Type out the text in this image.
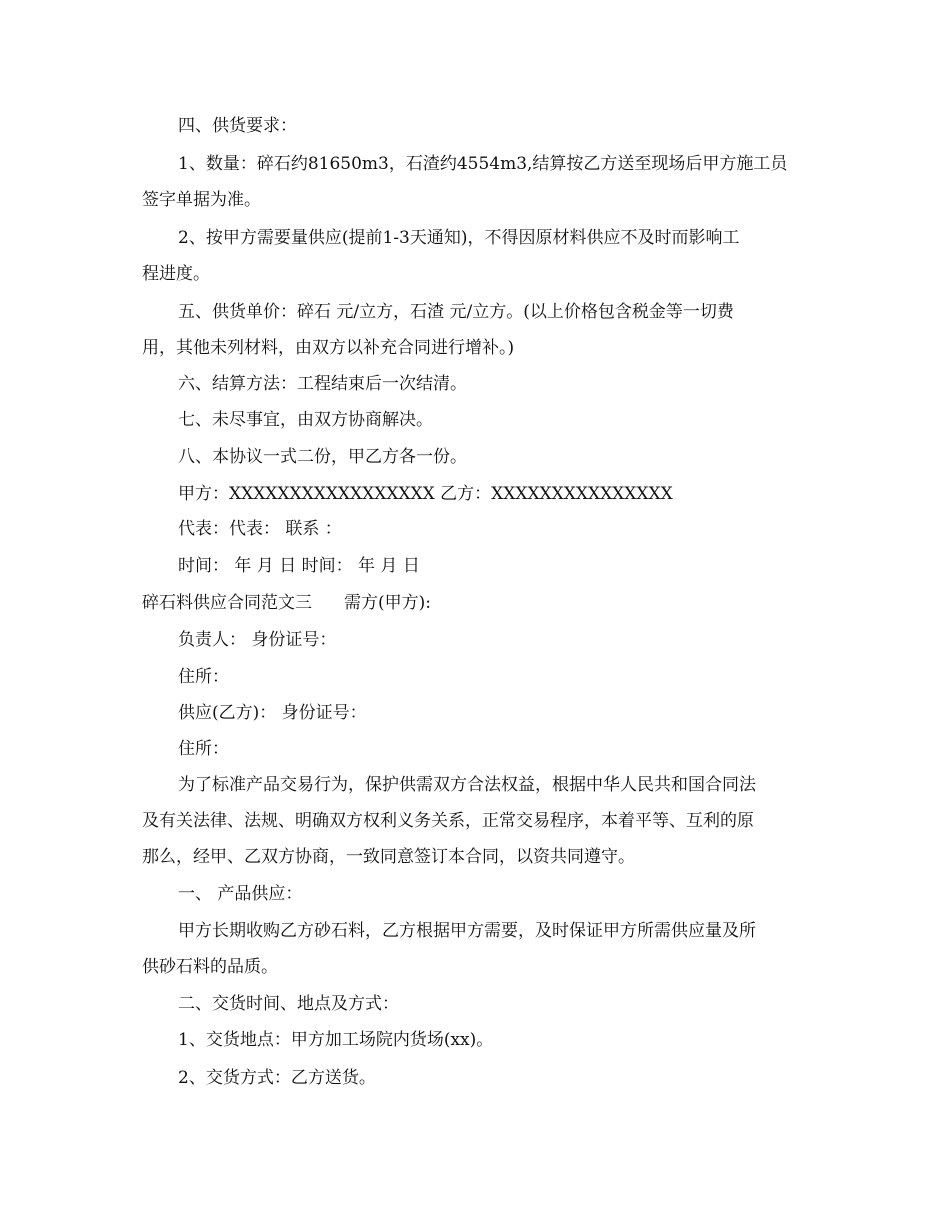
四、供货要求：
1、数量：碎石约81650m3，石渣约4554m3,结算按乙方送至现场后甲方施工员
签字单据为准。
2、按甲方需要量供应(提前1-3天通知)，不得因原材料供应不及时而影响工
程进度。
五、供货单价：碎石 元/立方，石渣 元/立方。(以上价格包含税金等一切费
用，其他未列材料，由双方以补充合同进行增补。)
六、结算方法：工程结束后一次结清。
七、未尽事宜，由双方协商解决。
八、本协议一式二份，甲乙方各一份。
甲方：XXXXXXXXXXXXXXXXX 乙方：XXXXXXXXXXXXXXX
代表：代表： 联系 ：
时间： 年 月 日 时间： 年 月 日
碎石料供应合同范文三 需方(甲方):
负责人： 身份证号：
住所：
供应(乙方)： 身份证号：
住所：
为了标准产品交易行为，保护供需双方合法权益，根据中华人民共和国合同法
及有关法律、法规、明确双方权利义务关系，正常交易程序，本着平等、互利的原
那么，经甲、乙双方协商，一致同意签订本合同，以资共同遵守。
一、 产品供应：
甲方长期收购乙方砂石料，乙方根据甲方需要，及时保证甲方所需供应量及所
供砂石料的品质。
二、交货时间、地点及方式：
1、交货地点：甲方加工场院内货场(xx)。
2、交货方式：乙方送货。
